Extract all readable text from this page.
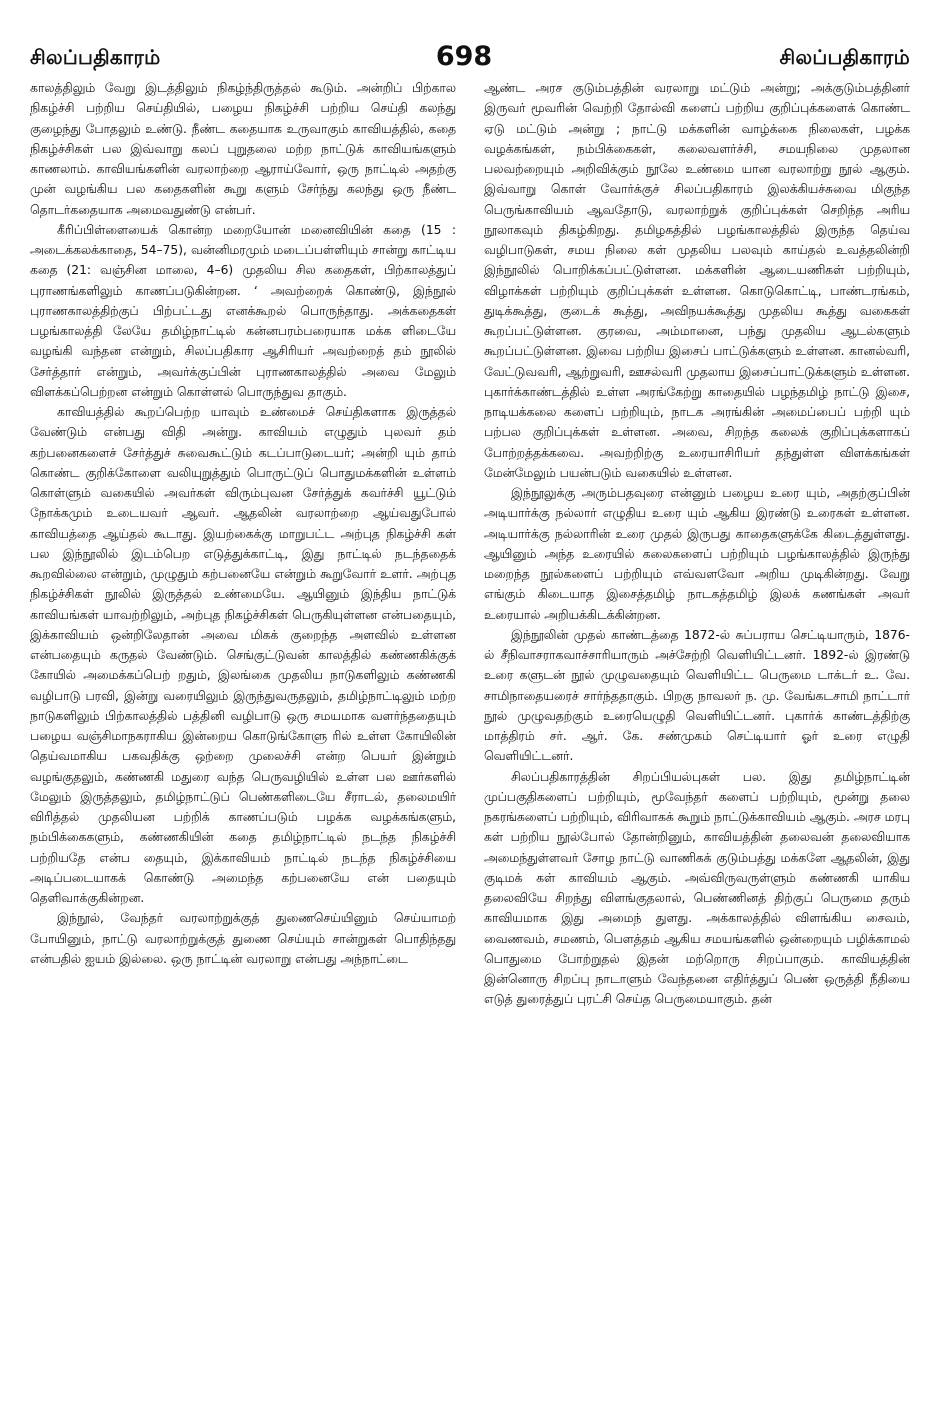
சிலப்பதிகாரம்	698	சிலப்பதிகாரம்

காலத்திலும் வேறு இடத்திலும் நிகழ்ந்திருத்தல் கூடும். அன்றிப் பிற்கால நிகழ்ச்சி பற்றிய செய்தியில், பழைய நிகழ்ச்சி பற்றிய செய்தி கலந்து குழைந்து போதலும் உண்டு. நீண்ட கதையாக உருவாகும் காவியத்தில், கதை நிகழ்ச்சிகள் பல இவ்வாறு கலப் புறுதலை மற்ற நாட்டுக் காவியங்களும் காணலாம். காவியங்களின் வரலாற்றை ஆராய்வோர், ஒரு நாட்டில் அதற்கு முன் வழங்கிய பல கதைகளின் கூறு களும் சேர்ந்து கலந்து ஒரு நீண்ட தொடர்கதையாக அமைவதுண்டு என்பர்.

கீரிப்பிள்ளையைக் கொன்ற மறையோன் மனைவியின் கதை (15 : அடைக்கலக்காதை, 54–75), வன்னிமரமும் மடைப்பள்ளியும் சான்று காட்டிய கதை (21: வஞ்சின மாலை, 4–6) முதலிய சில கதைகள், பிற்காலத்துப் புராணங்களிலும் காணப்படுகின்றன. ‘ அவற்றைக் கொண்டு, இந்நூல் புராணகாலத்திற்குப் பிற்பட்டது எனக்கூறல் பொருந்தாது. அக்கதைகள் பழங்காலத்தி லேயே தமிழ்நாட்டில் கன்னபரம்பரையாக மக்க ளிடையே வழங்கி வந்தன என்றும், சிலப்பதிகார ஆசிரியர் அவற்றைத் தம் நூலில் சேர்த்தார் என்றும், அவர்க்குப்பின் புராணகாலத்தில் அவை மேலும் விளக்கப்பெற்றன என்றும் கொள்ளல் பொருந்துவ தாகும்.

காவியத்தில் கூறப்பெற்ற யாவும் உண்மைச் செய்திகளாக இருத்தல் வேண்டும் என்பது விதி அன்று. காவியம் எழுதும் புலவர் தம் கற்பனைகளைச் சேர்த்துச் சுவைகூட்டும் கடப்பாடுடையர்; அன்றி யும் தாம் கொண்ட குறிக்கோளை வலியுறுத்தும் பொருட்டுப் பொதுமக்களின் உள்ளம் கொள்ளும் வகையில் அவர்கள் விரும்புவன சேர்த்துக் கவர்ச்சி யூட்டும் நோக்கமும் உடையவர் ஆவர். ஆதலின் வரலாற்றை ஆய்வதுபோல் காவியத்தை ஆய்தல் கூடாது. இயற்கைக்கு மாறுபட்ட அற்புத நிகழ்ச்சி கள் பல இந்நூலில் இடம்பெற எடுத்துக்காட்டி, இது நாட்டில் நடந்ததைக் கூறவில்லை என்றும், முழுதும் கற்பனையே என்றும் கூறுவோர் உளர். அற்புத நிகழ்ச்சிகள் நூலில் இருத்தல் உண்மையே. ஆயினும் இந்திய நாட்டுக் காவியங்கள் யாவற்றிலும், அற்புத நிகழ்ச்சிகள் பெருகியுள்ளன என்பதையும், இக்காவியம் ஒன்றிலேதான் அவை மிகக் குறைந்த அளவில் உள்ளன என்பதையும் கருதல் வேண்டும். செங்குட்டுவன் காலத்தில் கண்ணகிக்குக் கோயில் அமைக்கப்பெற் றதும், இலங்கை முதலிய நாடுகளிலும் கண்ணகி வழிபாடு பரவி, இன்று வரையிலும் இருந்துவருதலும், தமிழ்நாட்டிலும் மற்ற நாடுகளிலும் பிற்காலத்தில் பத்தினி வழிபாடு ஒரு சமயமாக வளர்ந்ததையும் பழைய வஞ்சிமாநகராகிய இன்றைய கொடுங்கோளு ரில் உள்ள கோயிலின் தெய்வமாகிய பகவதிக்கு ஒற்றை முலைச்சி என்ற பெயர் இன்றும் வழங்குதலும், கண்ணகி மதுரை வந்த பெருவழியில் உள்ள பல ஊர்களில் மேலும் இருத்தலும், தமிழ்நாட்டுப் பெண்களிடையே சீராடல், தலைமயிர் விரித்தல் முதலியன பற்றிக் காணப்படும் பழக்க வழக்கங்களும், நம்பிக்கைகளும், கண்ணகியின் கதை தமிழ்நாட்டில் நடந்த நிகழ்ச்சி பற்றியதே என்ப தையும், இக்காவியம் நாட்டில் நடந்த நிகழ்ச்சியை அடிப்படையாகக் கொண்டு அமைந்த கற்பனையே என் பதையும் தெளிவாக்குகின்றன.

இந்நூல், வேந்தர் வரலாற்றுக்குத் துணைசெய்யினும் செய்யாமற் போயினும், நாட்டு வரலாற்றுக்குத் துணை செய்யும் சான்றுகள் பொதிந்தது என்பதில் ஐயம் இல்லை. ஒரு நாட்டின் வரலாறு என்பது அந்நாட்டை

ஆண்ட அரச குடும்பத்தின் வரலாறு மட்டும் அன்று; அக்குடும்பத்தினர் இருவர் மூவரின் வெற்றி தோல்வி களைப் பற்றிய குறிப்புக்களைக் கொண்ட ஏடு மட்டும் அன்று ; நாட்டு மக்களின் வாழ்க்கை நிலைகள், பழக்க வழக்கங்கள், நம்பிக்கைகள், கலைவளர்ச்சி, சமயநிலை முதலான பலவற்றையும் அறிவிக்கும் நூலே உண்மை யான வரலாற்று நூல் ஆகும். இவ்வாறு கொள் வோர்க்குச் சிலப்பதிகாரம் இலக்கியச்சுவை மிகுந்த பெருங்காவியம் ஆவதோடு, வரலாற்றுக் குறிப்புக்கள் செறிந்த அரிய நூலாகவும் திகழ்கிறது. தமிழகத்தில் பழங்காலத்தில் இருந்த தெய்வ வழிபாடுகள், சமய நிலை கள் முதலிய பலவும் காய்தல் உவத்தலின்றி இந்நூலில் பொறிக்கப்பட்டுள்ளன. மக்களின் ஆடையணிகள் பற்றியும், விழாக்கள் பற்றியும் குறிப்புக்கள் உள்ளன. கொடுகொட்டி, பாண்டரங்கம், துடிக்கூத்து, குடைக் கூத்து, அவிநயக்கூத்து முதலிய கூத்து வகைகள் கூறப்பட்டுள்ளன. குரவை, அம்மானை, பந்து முதலிய ஆடல்களும் கூறப்பட்டுள்ளன. இவை பற்றிய இசைப் பாட்டுக்களும் உள்ளன. கானல்வரி, வேட்டுவவரி, ஆற்றுவரி, ஊசல்வரி முதலாய இசைப்பாட்டுக்களும் உள்ளன. புகார்க்காண்டத்தில் உள்ள அரங்கேற்று காதையில் பழந்தமிழ் நாட்டு இசை, நாடியக்கலை களைப் பற்றியும், நாடக அரங்கின் அமைப்பைப் பற்றி யும் பற்பல குறிப்புக்கள் உள்ளன. அவை, சிறந்த கலைக் குறிப்புக்களாகப் போற்றத்தக்கவை. அவற்றிற்கு உரையாசிரியர் தந்துள்ள விளக்கங்கள் மேன்மேலும் பயன்படும் வகையில் உள்ளன.

இந்நூலுக்கு அரும்பதவுரை என்னும் பழைய உரை யும், அதற்குப்பின் அடியார்க்கு நல்லார் எழுதிய உரை யும் ஆகிய இரண்டு உரைகள் உள்ளன. அடியார்க்கு நல்லாரின் உரை முதல் இருபது காதைகளுக்கே கிடைத்துள்ளது. ஆயினும் அந்த உரையில் கலைகளைப் பற்றியும் பழங்காலத்தில் இருந்து மறைந்த நூல்களைப் பற்றியும் எவ்வளவோ அறிய முடிகின்றது. வேறு எங்கும் கிடையாத இசைத்தமிழ் நாடகத்தமிழ் இலக் கணங்கள் அவர் உரையால் அறியக்கிடக்கின்றன.

இந்நூலின் முதல் காண்டத்தை 1872-ல் சுப்பராய செட்டியாரும், 1876-ல் சீநிவாசராகவாச்சாரியாரும் அச்சேற்றி வெளியிட்டனர். 1892-ல் இரண்டு உரை களுடன் நூல் முழுவதையும் வெளியிட்ட பெருமை டாக்டர் உ. வே. சாமிநாதையரைச் சார்ந்ததாகும். பிறகு நாவலர் ந. மு. வேங்கடசாமி நாட்டார் நூல் முழுவதற்கும் உரையெழுதி வெளியிட்டனர். புகார்க் காண்டத்திற்கு மாத்திரம் சர். ஆர். கே. சண்முகம் செட்டியார் ஓர் உரை எழுதி வெளியிட்டனர்.

சிலப்பதிகாரத்தின் சிறப்பியல்புகள் பல. இது தமிழ்நாட்டின் முப்பகுதிகளைப் பற்றியும், மூவேந்தர் களைப் பற்றியும், மூன்று தலை நகரங்களைப் பற்றியும், விரிவாகக் கூறும் நாட்டுக்காவியம் ஆகும். அரச மரபு கள் பற்றிய நூல்போல் தோன்றினும், காவியத்தின் தலைவன் தலைவியாக அமைந்துள்ளவர் சோழ நாட்டு வாணிகக் குடும்பத்து மக்களே ஆதலின், இது குடிமக் கள் காவியம் ஆகும். அவ்விருவருள்ளும் கண்ணகி யாகிய தலைவியே சிறந்து விளங்குதலால், பெண்ணினத் திற்குப் பெருமை தரும் காவியமாக இது அமைந் துளது. அக்காலத்தில் விளங்கிய சைவம், வைணவம், சமணம், பௌத்தம் ஆகிய சமயங்களில் ஒன்றையும் பழிக்காமல் பொதுமை போற்றுதல் இதன் மற்றொரு சிறப்பாகும். காவியத்தின் இன்னொரு சிறப்பு நாடாளும் வேந்தனை எதிர்த்துப் பெண் ஒருத்தி நீதியை எடுத் துரைத்துப் புரட்சி செய்த பெருமையாகும். தன்
